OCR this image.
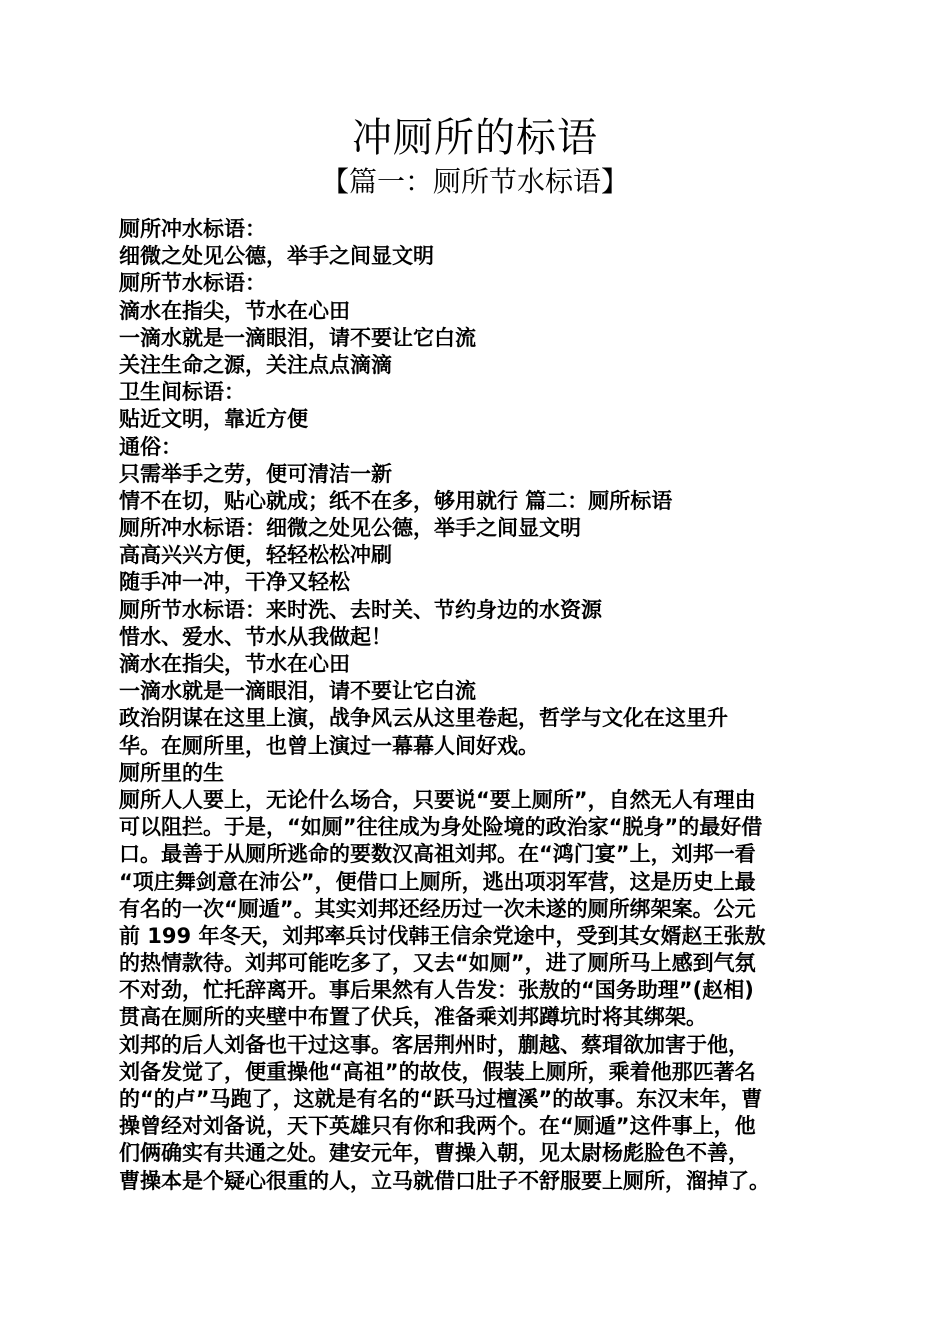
冲厕所的标语
【篇一：厕所节水标语】
厕所冲水标语：
细微之处见公德，举手之间显文明
厕所节水标语：
滴水在指尖，节水在心田
一滴水就是一滴眼泪，请不要让它白流
关注生命之源，关注点点滴滴
卫生间标语：
贴近文明，靠近方便
通俗：
只需举手之劳，便可清洁一新
情不在切，贴心就成；纸不在多，够用就行 篇二：厕所标语
厕所冲水标语：细微之处见公德，举手之间显文明
高高兴兴方便，轻轻松松冲刷
随手冲一冲，干净又轻松
厕所节水标语：来时洗、去时关、节约身边的水资源
惜水、爱水、节水从我做起！
滴水在指尖，节水在心田
一滴水就是一滴眼泪，请不要让它白流
政治阴谋在这里上演，战争风云从这里卷起，哲学与文化在这里升
华。在厕所里，也曾上演过一幕幕人间好戏。
厕所里的生
厕所人人要上，无论什么场合，只要说“要上厕所”，自然无人有理由
可以阻拦。于是，“如厕”往往成为身处险境的政治家“脱身”的最好借
口。最善于从厕所逃命的要数汉高祖刘邦。在“鸿门宴”上，刘邦一看
“项庄舞剑意在沛公”，便借口上厕所，逃出项羽军营，这是历史上最
有名的一次“厕遁”。其实刘邦还经历过一次未遂的厕所绑架案。公元
前 199 年冬天，刘邦率兵讨伐韩王信余党途中，受到其女婿赵王张敖
的热情款待。刘邦可能吃多了，又去“如厕”，进了厕所马上感到气氛
不对劲，忙托辞离开。事后果然有人告发：张敖的“国务助理”(赵相)
贯高在厕所的夹壁中布置了伏兵，准备乘刘邦蹲坑时将其绑架。
刘邦的后人刘备也干过这事。客居荆州时，蒯越、蔡瑁欲加害于他，
刘备发觉了，便重操他“高祖”的故伎，假装上厕所，乘着他那匹著名
的“的卢”马跑了，这就是有名的“跃马过檀溪”的故事。东汉末年，曹
操曾经对刘备说，天下英雄只有你和我两个。在“厕遁”这件事上，他
们俩确实有共通之处。建安元年，曹操入朝，见太尉杨彪脸色不善，
曹操本是个疑心很重的人，立马就借口肚子不舒服要上厕所，溜掉了。
